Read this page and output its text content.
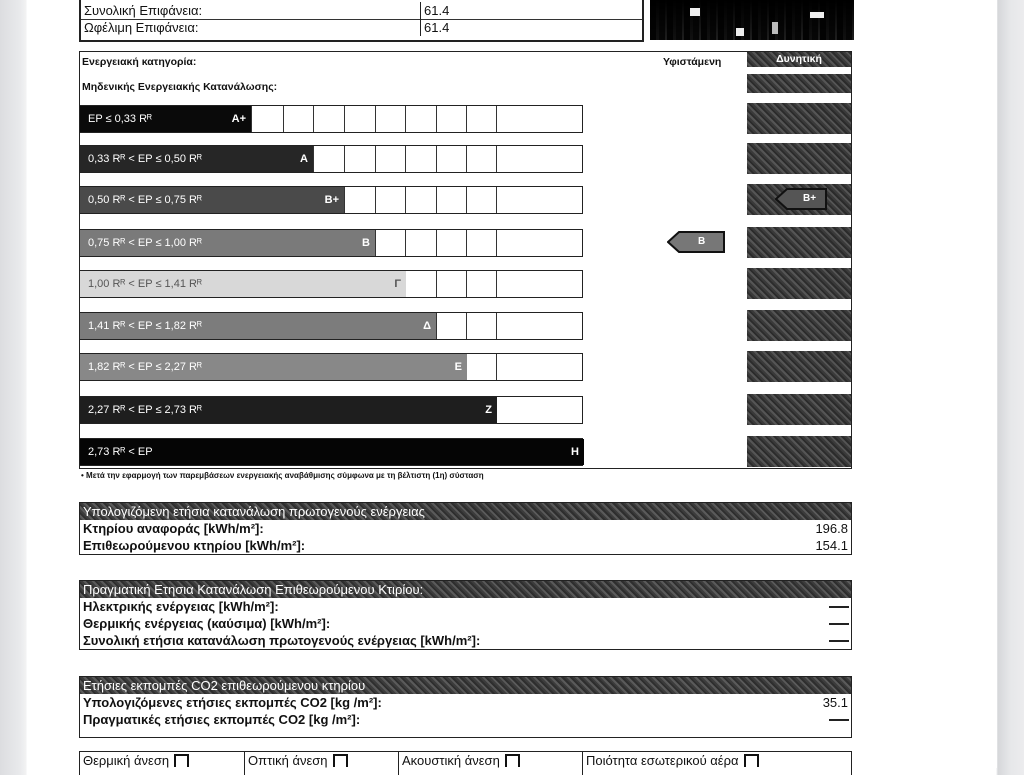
Συνολική Επιφάνεια:	61.4
Ωφέλιμη Επιφάνεια:	61.4
Ενεργειακή κατηγορία:
Μηδενικής Ενεργειακής Κατανάλωσης:
Υφιστάμενη	Δυνητική
EP ≤ 0,33 Rᴿ	A+
0,33 Rᴿ < EP ≤ 0,50 Rᴿ	A
0,50 Rᴿ < EP ≤ 0,75 Rᴿ	B+
0,75 Rᴿ < EP ≤ 1,00 Rᴿ	B
1,00 Rᴿ < EP ≤ 1,41 Rᴿ	Γ
1,41 Rᴿ < EP ≤ 1,82 Rᴿ	Δ
1,82 Rᴿ < EP ≤ 2,27 Rᴿ	E
2,27 Rᴿ < EP ≤ 2,73 Rᴿ	Z
2,73 Rᴿ < EP	H
B
B+
• Μετά την εφαρμογή των παρεμβάσεων ενεργειακής αναβάθμισης σύμφωνα με τη βέλτιστη (1η) σύσταση
Υπολογιζόμενη ετήσια κατανάλωση πρωτογενούς ενέργειας
Κτηρίου αναφοράς [kWh/m²]:	196.8
Επιθεωρούμενου κτηρίου [kWh/m²]:	154.1
Πραγματική Ετησια Κατανάλωση Επιθεωρούμενου Κτιρίου:
Ηλεκτρικής ενέργειας [kWh/m²]:
Θερμικής ενέργειας (καύσιμα) [kWh/m²]:
Συνολική ετήσια κατανάλωση πρωτογενούς ενέργειας [kWh/m²]:
Ετήσιες εκπομπές CO2 επιθεωρούμενου κτηρίου
Υπολογιζόμενες ετήσιες εκπομπές CO2 [kg /m²]:	35.1
Πραγματικές ετήσιες εκπομπές CO2 [kg /m²]:
Θερμική άνεση	Οπτική άνεση	Ακουστική άνεση	Ποιότητα εσωτερικού αέρα
